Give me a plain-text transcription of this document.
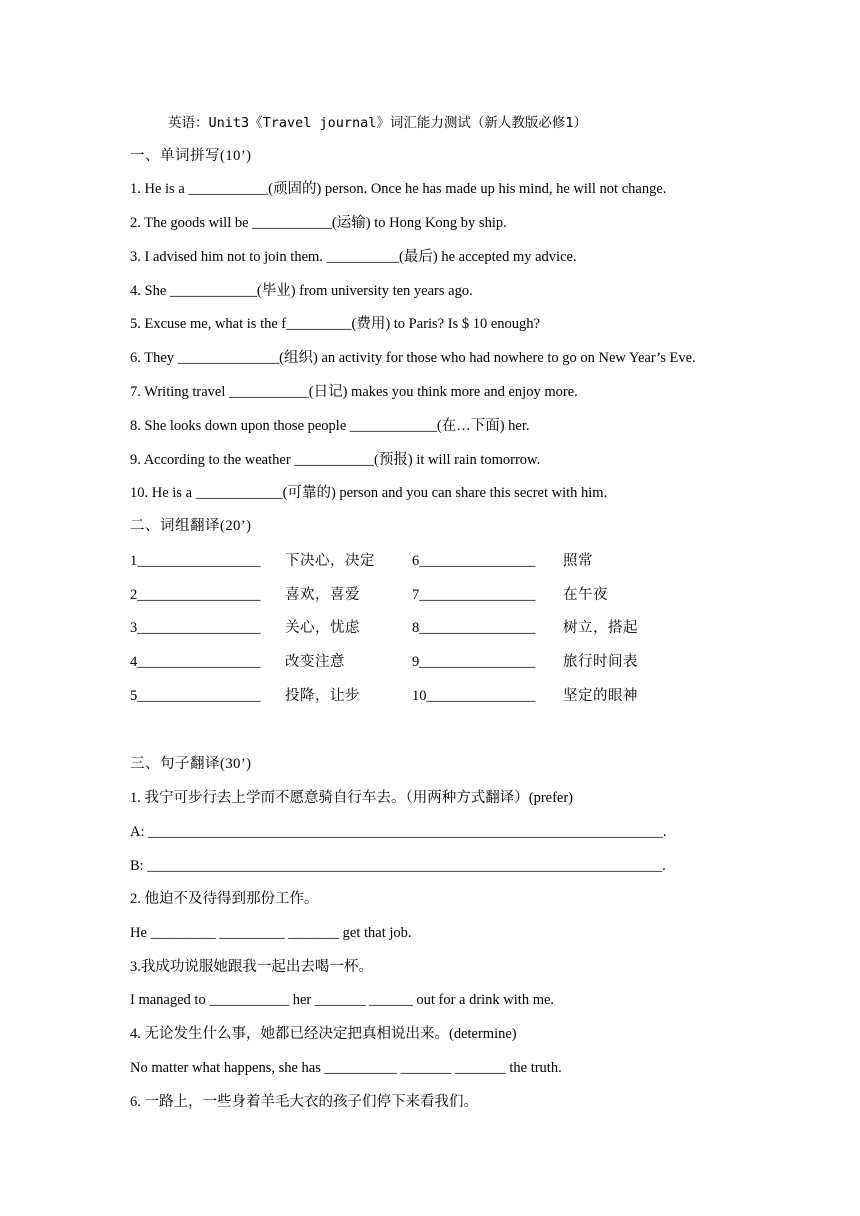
英语：Unit3《Travel journal》词汇能力测试（新人教版必修1）
一、单词拼写(10’)
1. He is a ___________(顽固的) person. Once he has made up his mind, he will not change.
2. The goods will be ___________(运输) to Hong Kong by ship.
3. I advised him not to join them. __________(最后) he accepted my advice.
4. She ____________(毕业) from university ten years ago.
5. Excuse me, what is the f_________(费用) to Paris? Is $ 10 enough?
6. They ______________(组织) an activity for those who had nowhere to go on New Year’s Eve.
7. Writing travel ___________(日记) makes you think more and enjoy more.
8. She looks down upon those people ____________(在…下面) her.
9. According to the weather ___________(预报) it will rain tomorrow.
10. He is a ____________(可靠的) person and you can share this secret with him.
二、词组翻译(20’)
1_________________ 下决心，决定	6________________ 照常
2_________________ 喜欢，喜爱	7________________ 在午夜
3_________________ 关心，忧虑	8________________ 树立，搭起
4_________________ 改变注意	9________________ 旅行时间表
5_________________ 投降，让步	10_______________ 坚定的眼神
三、句子翻译(30’)
1. 我宁可步行去上学而不愿意骑自行车去。（用两种方式翻译）(prefer)
A: _______________________________________________________________________.
B: _______________________________________________________________________.
2. 他迫不及待得到那份工作。
He _________ _________ _______ get that job.
3.我成功说服她跟我一起出去喝一杯。
I managed to ___________ her _______ ______ out for a drink with me.
4. 无论发生什么事，她都已经决定把真相说出来。(determine)
No matter what happens, she has __________ _______ _______ the truth.
6. 一路上，一些身着羊毛大衣的孩子们停下来看我们。
